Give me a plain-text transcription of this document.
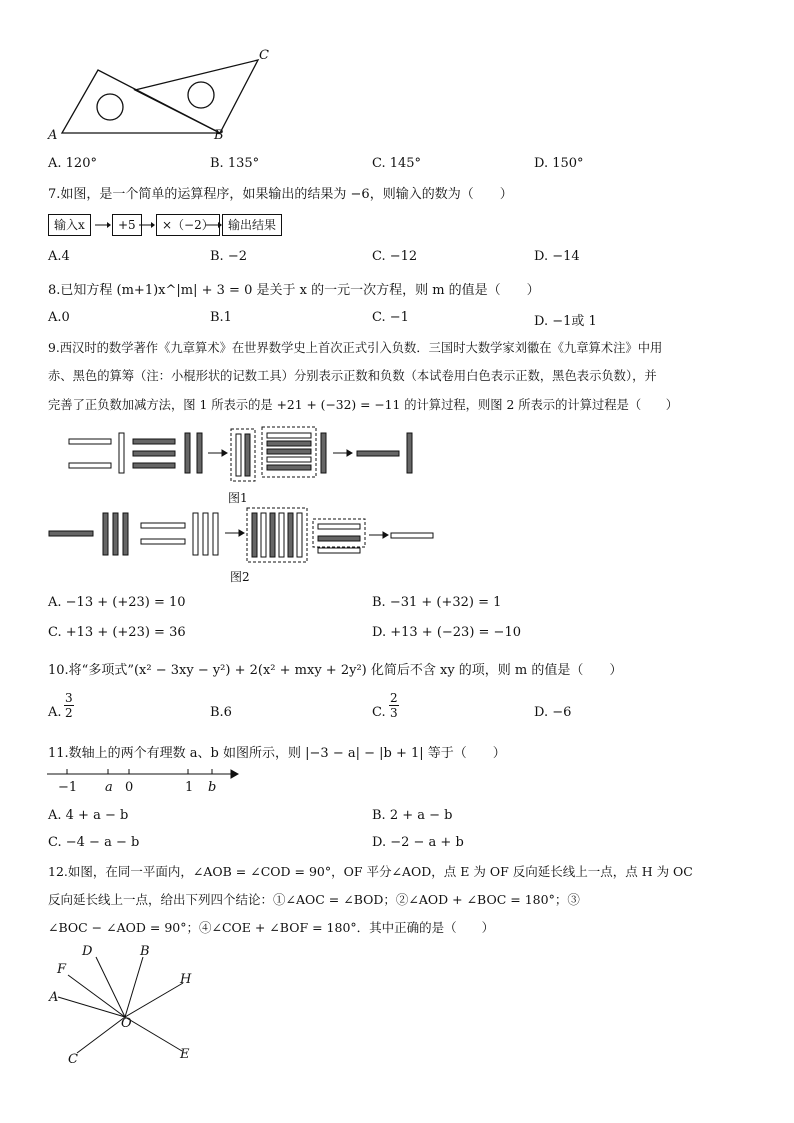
A	B
C
A. 120°	B. 135°	C. 145°	D. 150°
7.如图，是一个简单的运算程序，如果输出的结果为 −6，则输入的数为（　　）
输入x	+5	×（−2）	输出结果
A.4	B. −2	C. −12	D. −14
8.已知方程 (m+1)x^|m| + 3 = 0 是关于 x 的一元一次方程，则 m 的值是（　　）
A.0	B.1	C. −1	D. −1或 1
9.西汉时的数学著作《九章算术》在世界数学史上首次正式引入负数．三国时大数学家刘徽在《九章算术注》中用
赤、黑色的算筹（注：小棍形状的记数工具）分别表示正数和负数（本试卷用白色表示正数，黑色表示负数），并
完善了正负数加减方法，图 1 所表示的是 +21 + (−32) = −11 的计算过程，则图 2 所表示的计算过程是（　　）
图1
图2
A. −13 + (+23) = 10	B. −31 + (+32) = 1
C. +13 + (+23) = 36	D. +13 + (−23) = −10
10.将“多项式”(x² − 3xy − y²) + 2(x² + mxy + 2y²) 化简后不含 xy 的项，则 m 的值是（　　）
A. $\frac{3}{2}$	B.6	C. $\frac{2}{3}$	D. −6
11.数轴上的两个有理数 a、b 如图所示，则 |−3 − a| − |b + 1| 等于（　　）
−1 a 0	1 b
A. 4 + a − b	B. 2 + a − b
C. −4 − a − b	D. −2 − a + b
12.如图，在同一平面内，∠AOB = ∠COD = 90°，OF 平分∠AOD，点 E 为 OF 反向延长线上一点，点 H 为 OC
反向延长线上一点，给出下列四个结论：①∠AOC = ∠BOD；②∠AOD + ∠BOC = 180°；③
∠BOC − ∠AOD = 90°；④∠COE + ∠BOF = 180°．其中正确的是（　　）
D	B
F
H
A
O
C	E
